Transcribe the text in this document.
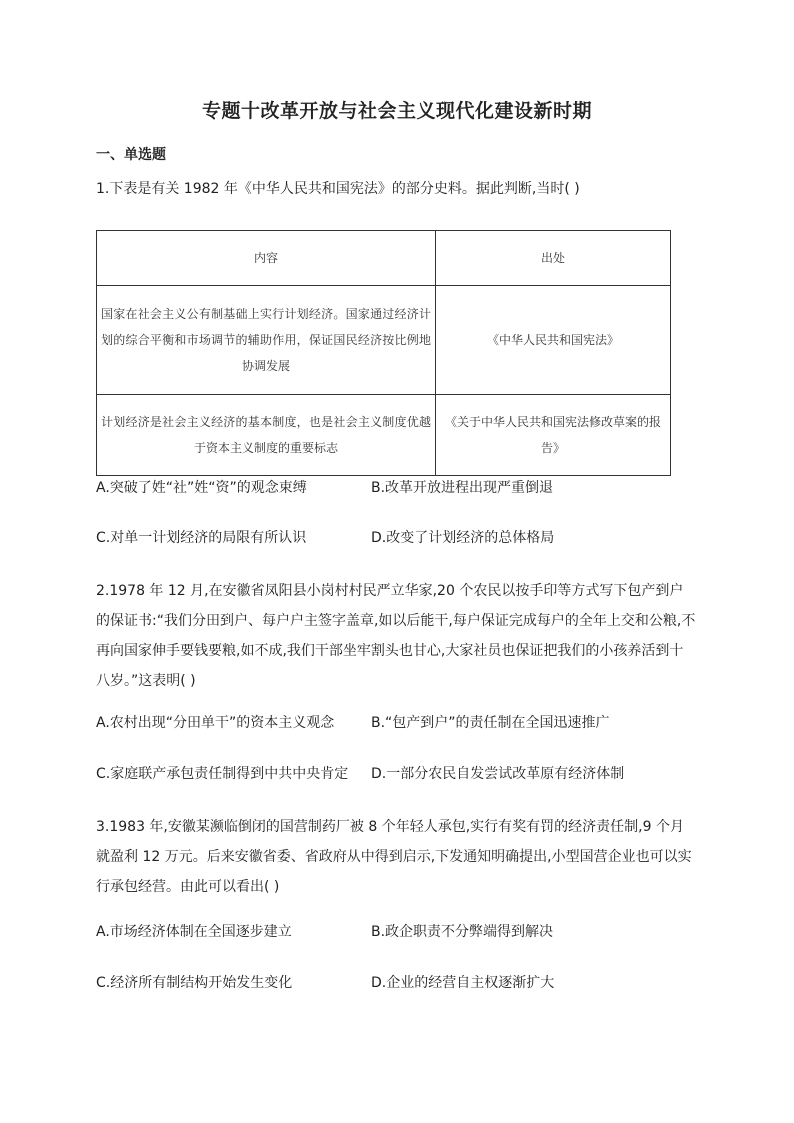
专题十改革开放与社会主义现代化建设新时期
一、单选题
1.下表是有关 1982 年《中华人民共和国宪法》的部分史料。据此判断,当时( )
内容	出处
国家在社会主义公有制基础上实行计划经济。国家通过经济计划的综合平衡和市场调节的辅助作用，保证国民经济按比例地协调发展	《中华人民共和国宪法》
计划经济是社会主义经济的基本制度，也是社会主义制度优越于资本主义制度的重要标志	《关于中华人民共和国宪法修改草案的报告》
A.突破了姓“社”姓“资”的观念束缚	B.改革开放进程出现严重倒退
C.对单一计划经济的局限有所认识	D.改变了计划经济的总体格局
2.1978 年 12 月,在安徽省凤阳县小岗村村民严立华家,20 个农民以按手印等方式写下包产到户的保证书:“我们分田到户、每户户主签字盖章,如以后能干,每户保证完成每户的全年上交和公粮,不再向国家伸手要钱要粮,如不成,我们干部坐牢割头也甘心,大家社员也保证把我们的小孩养活到十八岁。”这表明( )
A.农村出现“分田单干”的资本主义观念	B.“包产到户”的责任制在全国迅速推广
C.家庭联产承包责任制得到中共中央肯定 D.一部分农民自发尝试改革原有经济体制
3.1983 年,安徽某濒临倒闭的国营制药厂被 8 个年轻人承包,实行有奖有罚的经济责任制,9 个月就盈利 12 万元。后来安徽省委、省政府从中得到启示,下发通知明确提出,小型国营企业也可以实行承包经营。由此可以看出( )
A.市场经济体制在全国逐步建立	B.政企职责不分弊端得到解决
C.经济所有制结构开始发生变化	D.企业的经营自主权逐渐扩大
